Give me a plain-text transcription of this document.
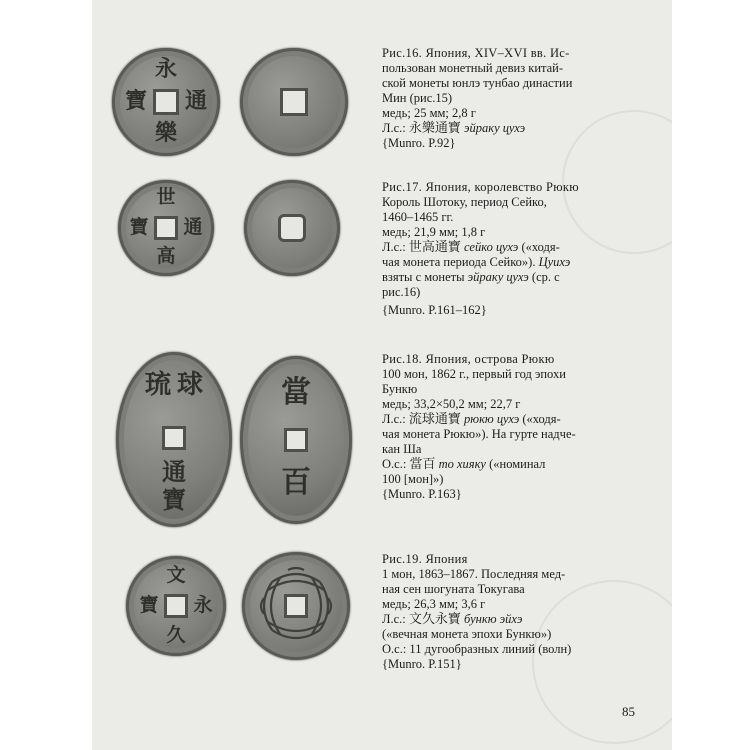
永
通
樂
寶
世
通
高
寶
琉 球
通
寶
當
百
文
永
久
寶

Рис.16. Япония, XIV–XVI вв. Ис-

пользован монетный девиз китай-

ской монеты юнлэ тунбао династии

Мин (рис.15)

медь; 25 мм; 2,8 г

Л.с.: 永樂通寶 эйраку цухэ

{Munro. P.92}

Рис.17. Япония, королевство Рюкю

Король Шотоку, период Сейко,

1460–1465 гг.

медь; 21,9 мм; 1,8 г

Л.с.: 世高通寶 сейко цухэ («ходя-

чая монета периода Сейко»). Цуихэ

взяты с монеты эйраку цухэ (ср. с

рис.16)

{Munro. P.161–162}

Рис.18. Япония, острова Рюкю

100 мон, 1862 г., первый год эпохи

Бункю

медь; 33,2×50,2 мм; 22,7 г

Л.с.: 流球通寶 рюкю цухэ («ходя-

чая монета Рюкю»). На гурте надче-

кан Ша

О.с.: 當百 то хияку («номинал

100 [мон]»)

{Munro. P.163}

Рис.19. Япония

1 мон, 1863–1867. Последняя мед-

ная сен шогуната Токугава

медь; 26,3 мм; 3,6 г

Л.с.: 文久永寶 бункю эйхэ

(«вечная монета эпохи Бункю»)

О.с.: 11 дугообразных линий (волн)

{Munro. P.151}

85
